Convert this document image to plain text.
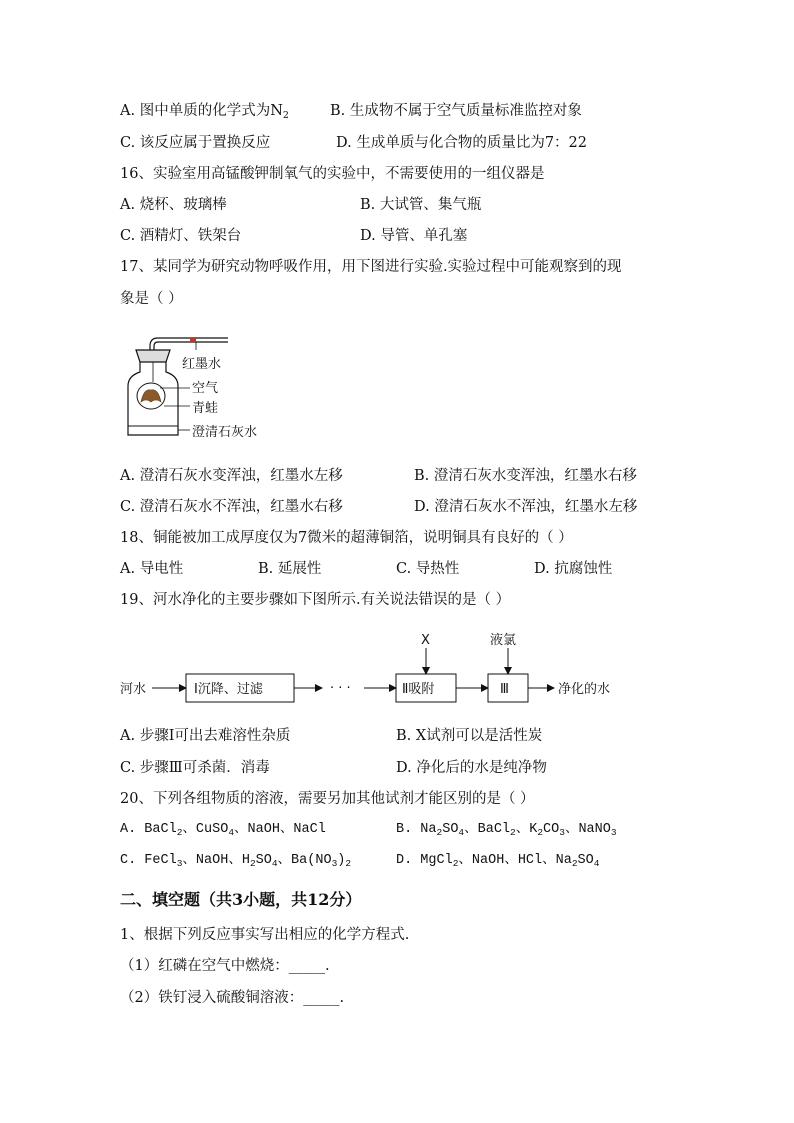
A. 图中单质的化学式为$N_2$	B. 生成物不属于空气质量标准监控对象
C. 该反应属于置换反应	D. 生成单质与化合物的质量比为7：22
16、实验室用高锰酸钾制氧气的实验中，不需要使用的一组仪器是
A. 烧杯、玻璃棒	B. 大试管、集气瓶
C. 酒精灯、铁架台	D. 导管、单孔塞
17、某同学为研究动物呼吸作用，用下图进行实验.实验过程中可能观察到的现
象是（ ）
红墨水
空气
青蛙
澄清石灰水
A. 澄清石灰水变浑浊，红墨水左移	B. 澄清石灰水变浑浊，红墨水右移
C. 澄清石灰水不浑浊，红墨水右移	D. 澄清石灰水不浑浊，红墨水左移
18、铜能被加工成厚度仅为7微米的超薄铜箔，说明铜具有良好的（ ）
A. 导电性	B. 延展性	C. 导热性	D. 抗腐蚀性
19、河水净化的主要步骤如下图所示.有关说法错误的是（ ）
河水	Ⅰ沉降、过滤	· · ·	Ⅱ吸附
X
Ⅲ
液氯
净化的水
A. 步骤Ⅰ可出去难溶性杂质	B. X试剂可以是活性炭
C. 步骤Ⅲ可杀菌．消毒	D. 净化后的水是纯净物
20、下列各组物质的溶液，需要另加其他试剂才能区别的是（ ）
A. BaCl$_2$、CuSO$_4$、NaOH、NaCl	B. $Na_2SO_4$、BaCl$_2$、$K_2CO_3$、NaNO$_3$
C. FeCl$_3$、NaOH、$H_2SO_4$、$Ba(NO_3)_2$	D. MgCl$_2$、NaOH、HCl、$Na_2SO_4$
二、填空题（共3小题，共12分）
1、根据下列反应事实写出相应的化学方程式.
（1）红磷在空气中燃烧：_____.
（2）铁钉浸入硫酸铜溶液：_____.
